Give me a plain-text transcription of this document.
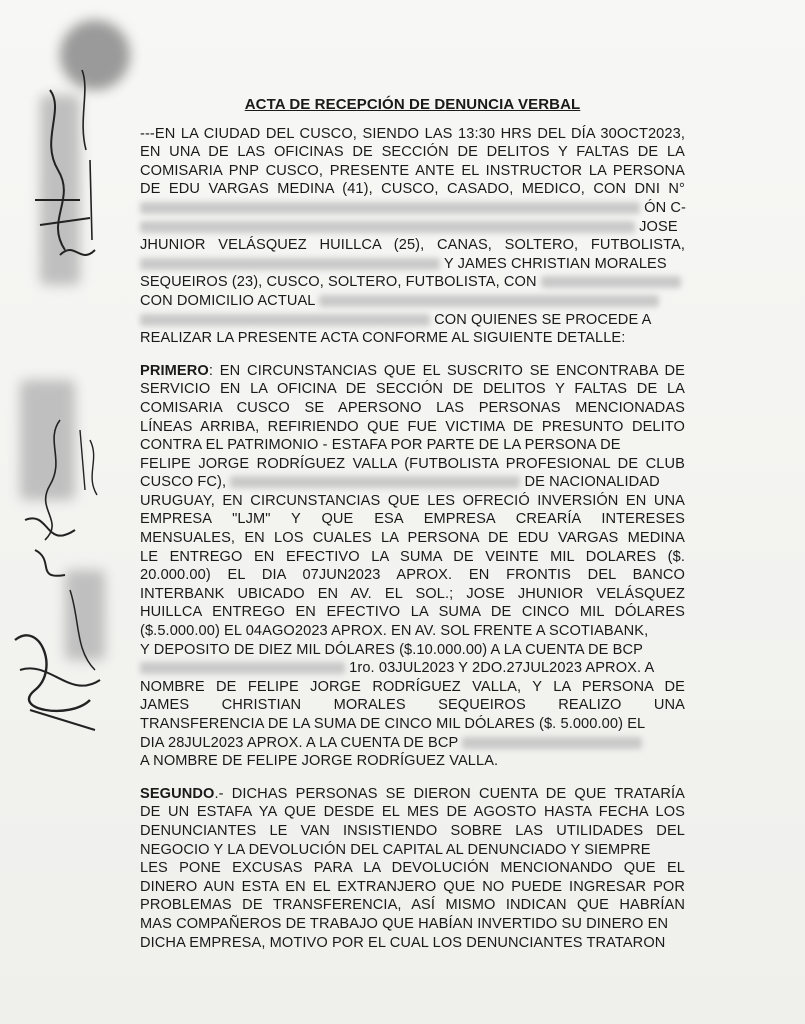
ACTA DE RECEPCIÓN DE DENUNCIA VERBAL
---EN LA CIUDAD DEL CUSCO, SIENDO LAS 13:30 HRS DEL DÍA 30OCT2023,
EN UNA DE LAS OFICINAS DE SECCIÓN DE DELITOS Y FALTAS DE LA
COMISARIA PNP CUSCO, PRESENTE ANTE EL INSTRUCTOR LA PERSONA
DE EDU VARGAS MEDINA (41), CUSCO, CASADO, MEDICO, CON DNI N°
ÓN C-
JOSE
JHUNIOR VELÁSQUEZ HUILLCA (25), CANAS, SOLTERO, FUTBOLISTA,
Y JAMES CHRISTIAN MORALES
SEQUEIROS (23), CUSCO, SOLTERO, FUTBOLISTA, CON
CON DOMICILIO ACTUAL
CON QUIENES SE PROCEDE A
REALIZAR LA PRESENTE ACTA CONFORME AL SIGUIENTE DETALLE:
PRIMERO: EN CIRCUNSTANCIAS QUE EL SUSCRITO SE ENCONTRABA DE
SERVICIO EN LA OFICINA DE SECCIÓN DE DELITOS Y FALTAS DE LA
COMISARIA CUSCO SE APERSONO LAS PERSONAS MENCIONADAS
LÍNEAS ARRIBA, REFIRIENDO QUE FUE VICTIMA DE PRESUNTO DELITO
CONTRA EL PATRIMONIO - ESTAFA POR PARTE DE LA PERSONA DE
FELIPE JORGE RODRÍGUEZ VALLA (FUTBOLISTA PROFESIONAL DE CLUB
CUSCO FC),	DE NACIONALIDAD
URUGUAY, EN CIRCUNSTANCIAS QUE LES OFRECIÓ INVERSIÓN EN UNA
EMPRESA "LJM" Y QUE ESA EMPRESA CREARÍA INTERESES
MENSUALES, EN LOS CUALES LA PERSONA DE EDU VARGAS MEDINA
LE ENTREGO EN EFECTIVO LA SUMA DE VEINTE MIL DOLARES ($.
20.000.00) EL DIA 07JUN2023 APROX. EN FRONTIS DEL BANCO
INTERBANK UBICADO EN AV. EL SOL.; JOSE JHUNIOR VELÁSQUEZ
HUILLCA ENTREGO EN EFECTIVO LA SUMA DE CINCO MIL DÓLARES
($.5.000.00) EL 04AGO2023 APROX. EN AV. SOL FRENTE A SCOTIABANK,
Y DEPOSITO DE DIEZ MIL DÓLARES ($.10.000.00) A LA CUENTA DE BCP
1ro. 03JUL2023 Y 2DO.27JUL2023 APROX. A
NOMBRE DE FELIPE JORGE RODRÍGUEZ VALLA, Y LA PERSONA DE
JAMES CHRISTIAN MORALES SEQUEIROS REALIZO UNA
TRANSFERENCIA DE LA SUMA DE CINCO MIL DÓLARES ($. 5.000.00) EL
DIA 28JUL2023 APROX. A LA CUENTA DE BCP
A NOMBRE DE FELIPE JORGE RODRÍGUEZ VALLA.
SEGUNDO.- DICHAS PERSONAS SE DIERON CUENTA DE QUE TRATARÍA
DE UN ESTAFA YA QUE DESDE EL MES DE AGOSTO HASTA FECHA LOS
DENUNCIANTES LE VAN INSISTIENDO SOBRE LAS UTILIDADES DEL
NEGOCIO Y LA DEVOLUCIÓN DEL CAPITAL AL DENUNCIADO Y SIEMPRE
LES PONE EXCUSAS PARA LA DEVOLUCIÓN MENCIONANDO QUE EL
DINERO AUN ESTA EN EL EXTRANJERO QUE NO PUEDE INGRESAR POR
PROBLEMAS DE TRANSFERENCIA, ASÍ MISMO INDICAN QUE HABRÍAN
MAS COMPAÑEROS DE TRABAJO QUE HABÍAN INVERTIDO SU DINERO EN
DICHA EMPRESA, MOTIVO POR EL CUAL LOS DENUNCIANTES TRATARON
